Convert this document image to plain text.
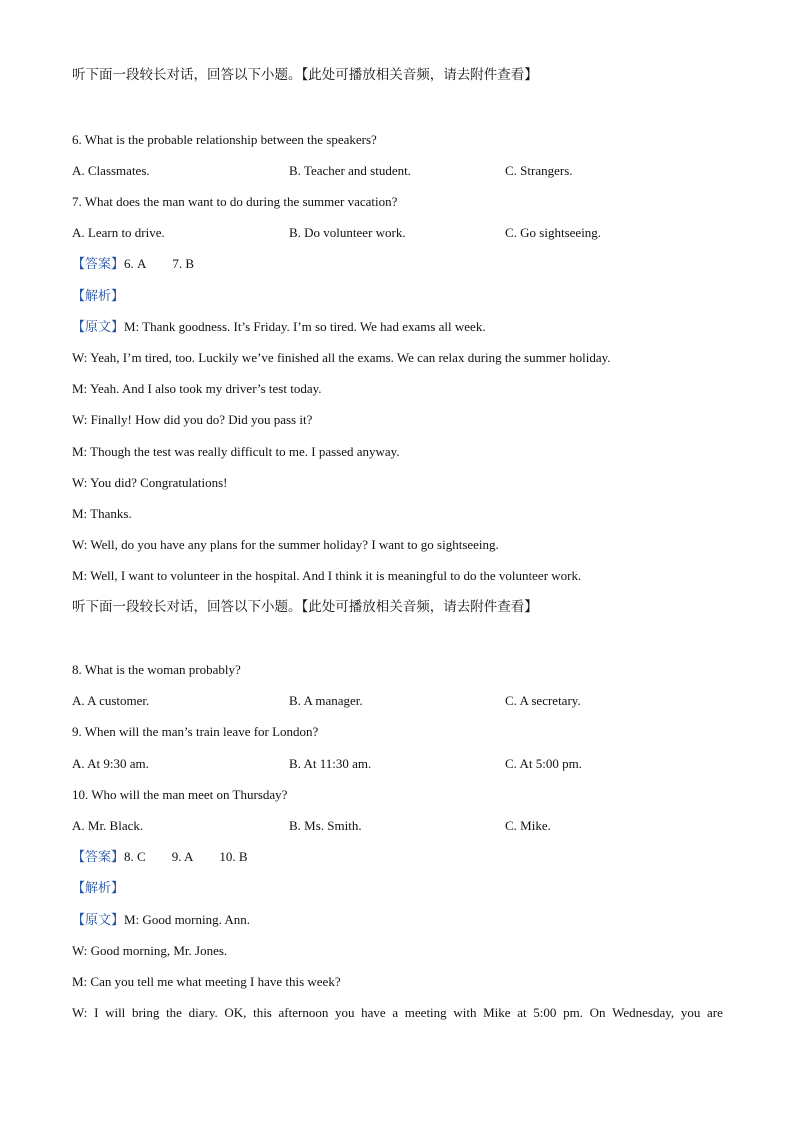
听下面一段较长对话，回答以下小题。【此处可播放相关音频，请去附件查看】
6. What is the probable relationship between the speakers?
A. Classmates.	B. Teacher and student.	C. Strangers.
7. What does the man want to do during the summer vacation?
A. Learn to drive.	B. Do volunteer work.	C. Go sightseeing.
【答案】6. A 7. B
【解析】
【原文】M: Thank goodness. It’s Friday. I’m so tired. We had exams all week.
W: Yeah, I’m tired, too. Luckily we’ve finished all the exams. We can relax during the summer holiday.
M: Yeah. And I also took my driver’s test today.
W: Finally! How did you do? Did you pass it?
M: Though the test was really difficult to me. I passed anyway.
W: You did? Congratulations!
M: Thanks.
W: Well, do you have any plans for the summer holiday? I want to go sightseeing.
M: Well, I want to volunteer in the hospital. And I think it is meaningful to do the volunteer work.
听下面一段较长对话，回答以下小题。【此处可播放相关音频，请去附件查看】
8. What is the woman probably?
A. A customer.	B. A manager.	C. A secretary.
9. When will the man’s train leave for London?
A. At 9:30 am.	B. At 11:30 am.	C. At 5:00 pm.
10. Who will the man meet on Thursday?
A. Mr. Black.	B. Ms. Smith.	C. Mike.
【答案】8. C 9. A 10. B
【解析】
【原文】M: Good morning. Ann.
W: Good morning, Mr. Jones.
M: Can you tell me what meeting I have this week?
W: I will bring the diary. OK, this afternoon you have a meeting with Mike at 5:00 pm. On Wednesday, you are
